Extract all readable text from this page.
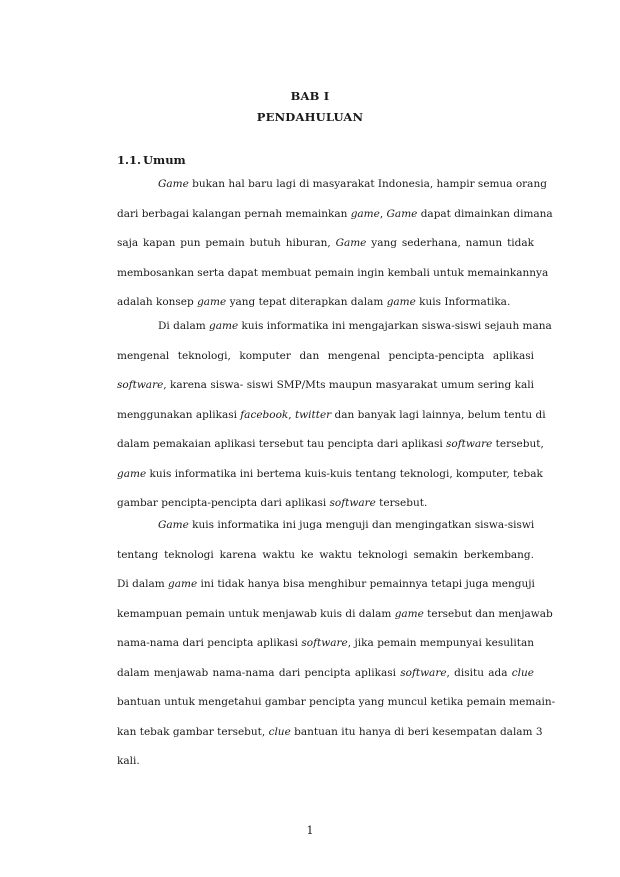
BAB I
PENDAHULUAN
1.1. Umum
Game bukan hal baru lagi di masyarakat Indonesia, hampir semua orang
dari berbagai kalangan pernah memainkan game, Game dapat dimainkan dimana
saja kapan pun pemain butuh hiburan, Game yang sederhana, namun tidak
membosankan serta dapat membuat pemain ingin kembali untuk memainkannya
adalah konsep game yang tepat diterapkan dalam game kuis Informatika.
Di dalam game kuis informatika ini mengajarkan siswa-siswi sejauh mana
mengenal teknologi, komputer dan mengenal pencipta-pencipta aplikasi
software, karena siswa- siswi SMP/Mts maupun masyarakat umum sering kali
menggunakan aplikasi facebook, twitter dan banyak lagi lainnya, belum tentu di
dalam pemakaian aplikasi tersebut tau pencipta dari aplikasi software tersebut,
game kuis informatika ini bertema kuis-kuis tentang teknologi, komputer, tebak
gambar pencipta-pencipta dari aplikasi software tersebut.
Game kuis informatika ini juga menguji dan mengingatkan siswa-siswi
tentang teknologi karena waktu ke waktu teknologi semakin berkembang.
Di dalam game ini tidak hanya bisa menghibur pemainnya tetapi juga menguji
kemampuan pemain untuk menjawab kuis di dalam game tersebut dan menjawab
nama-nama dari pencipta aplikasi software, jika pemain mempunyai kesulitan
dalam menjawab nama-nama dari pencipta aplikasi software, disitu ada clue
bantuan untuk mengetahui gambar pencipta yang muncul ketika pemain memain-
kan tebak gambar tersebut, clue bantuan itu hanya di beri kesempatan dalam 3
kali.
1
